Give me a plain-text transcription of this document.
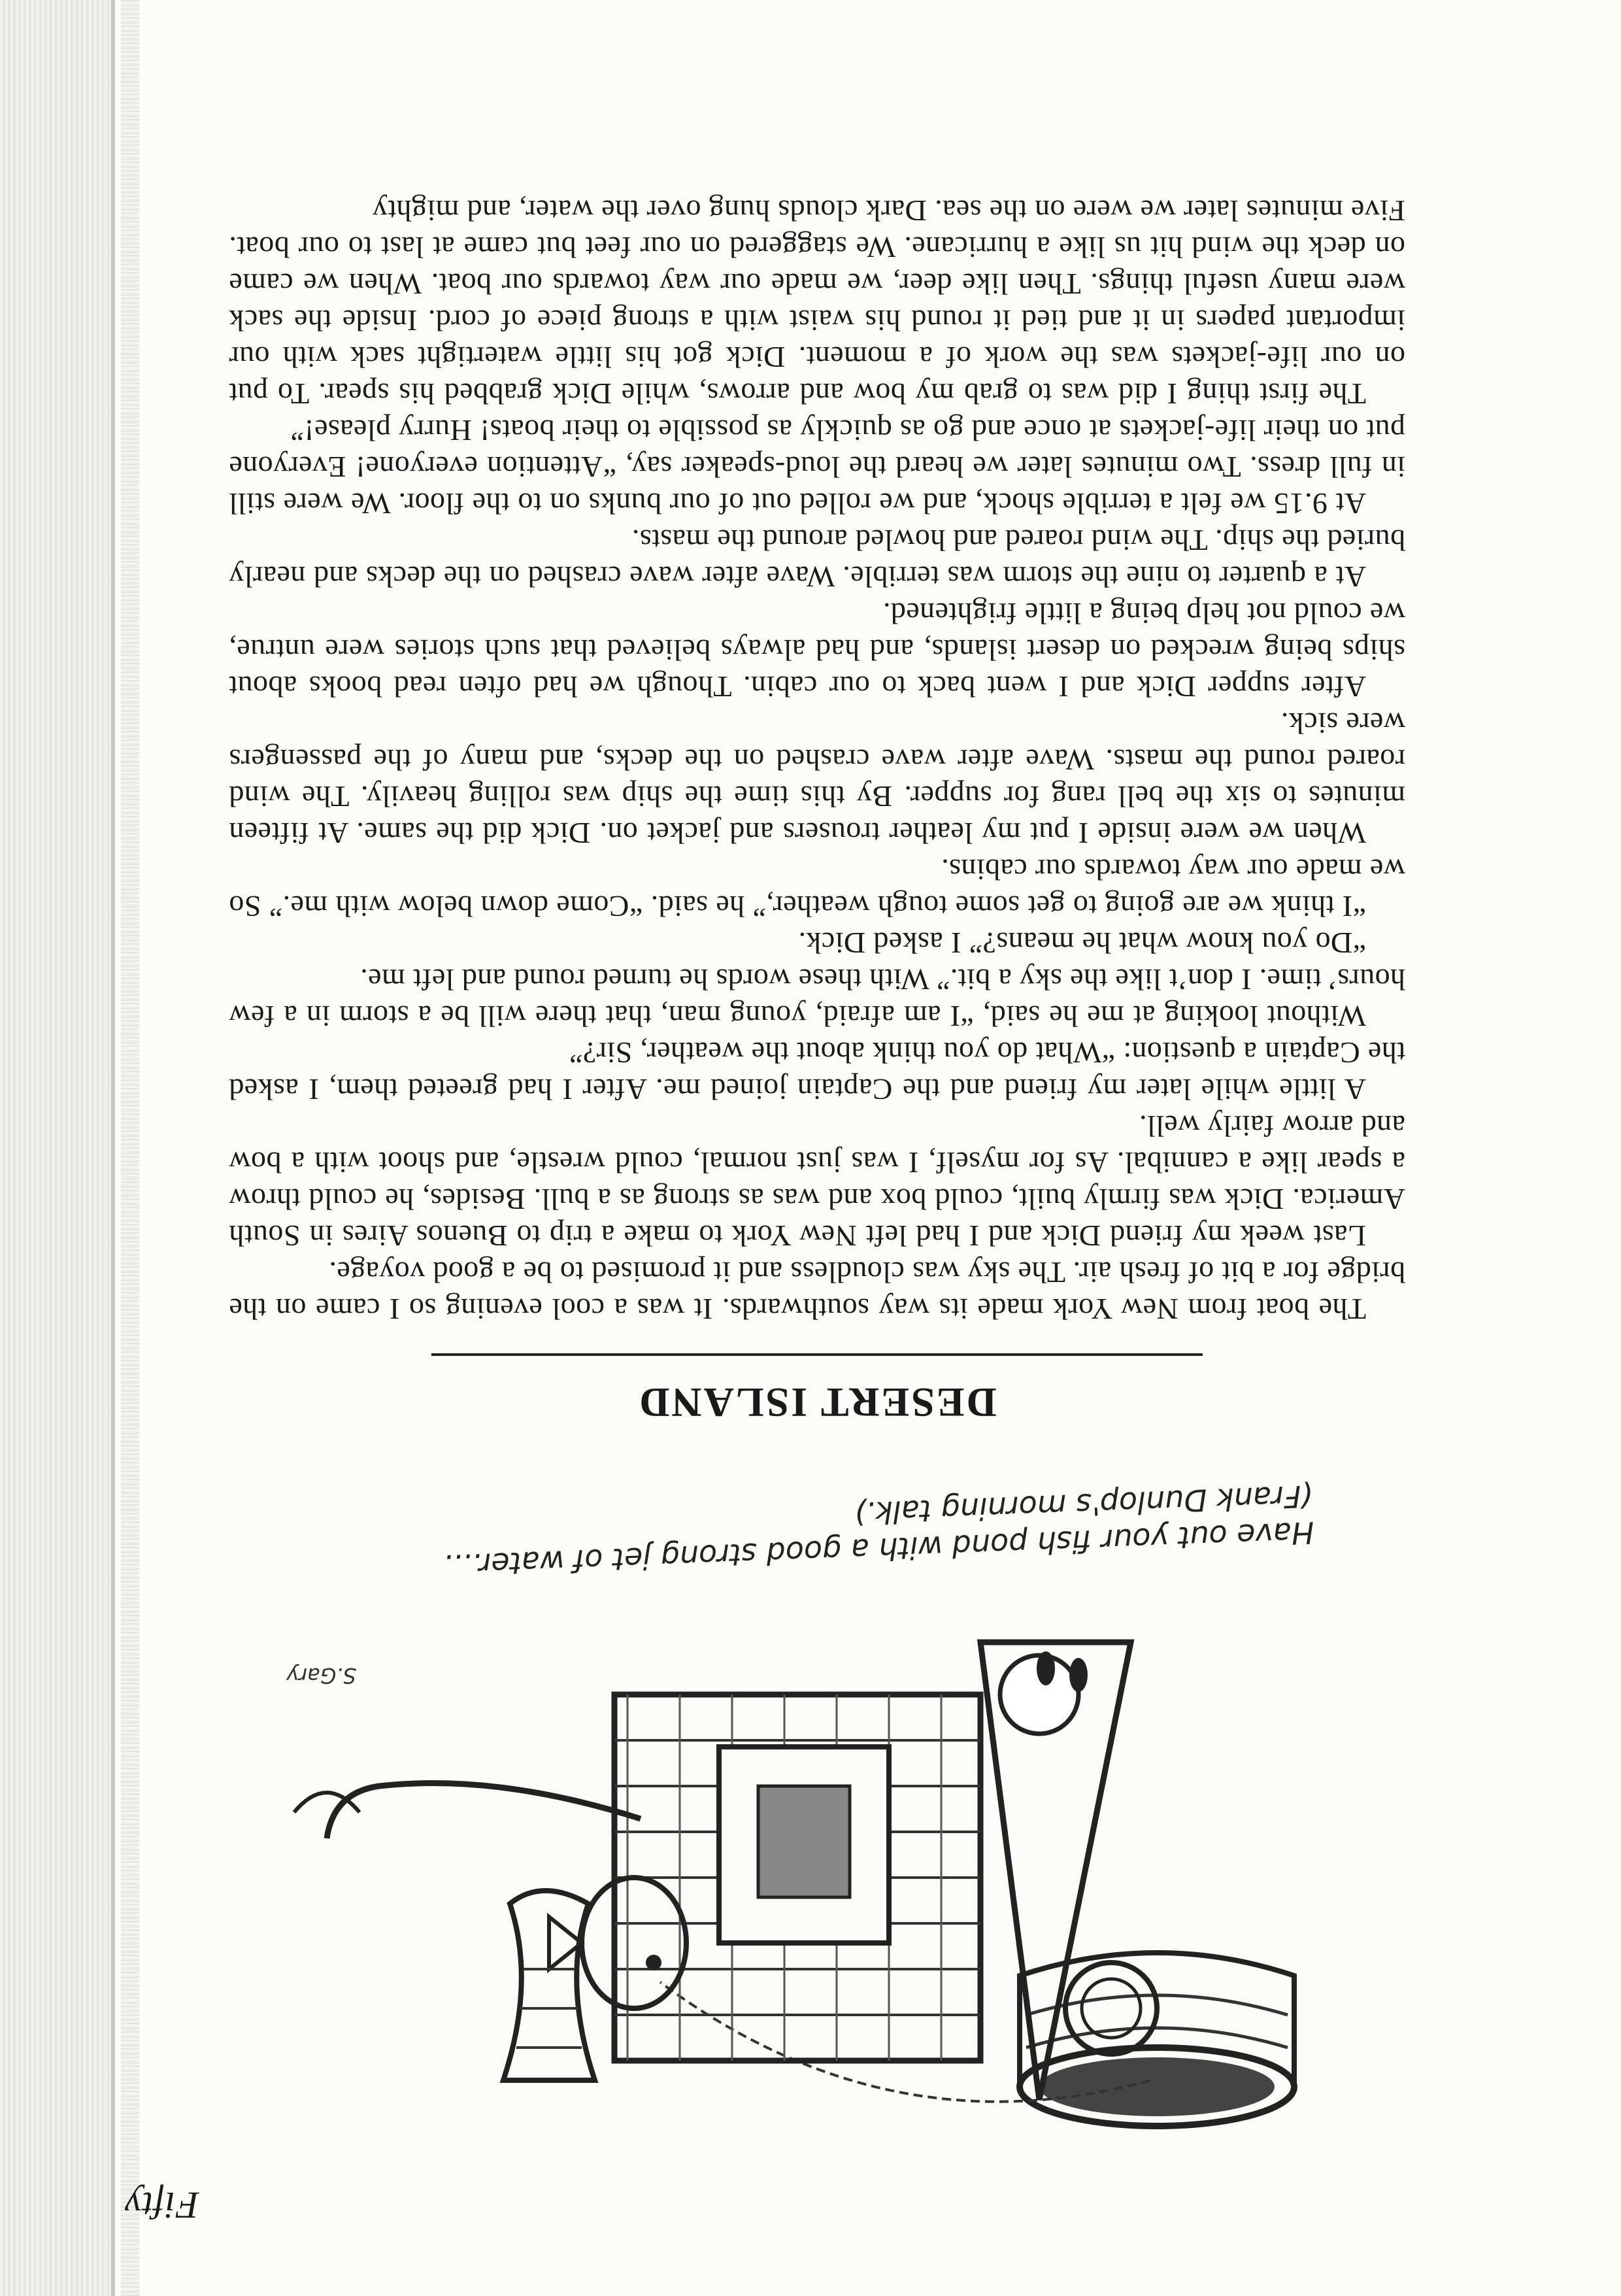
Fifty
S.Gary
Have out your fish pond with a good strong jet of water....(Frank Dunlop's morning talk.)
DESERT ISLAND

The boat from New York made its way southwards. It was a cool evening so I came on the bridge for a bit of fresh air. The sky was cloudless and it promised to be a good voyage.

Last week my friend Dick and I had left New York to make a trip to Buenos Aires in South America. Dick was firmly built, could box and was as strong as a bull. Besides, he could throw a spear like a cannibal. As for myself, I was just normal, could wrestle, and shoot with a bow and arrow fairly well.

A little while later my friend and the Captain joined me. After I had greeted them, I asked the Captain a question: “What do you think about the weather, Sir?”

Without looking at me he said, “I am afraid, young man, that there will be a storm in a few hours’ time. I don’t like the sky a bit.” With these words he turned round and left me.

“Do you know what he means?” I asked Dick.

“I think we are going to get some tough weather,” he said. “Come down below with me.” So we made our way towards our cabins.

When we were inside I put my leather trousers and jacket on. Dick did the same. At fifteen minutes to six the bell rang for supper. By this time the ship was rolling heavily. The wind roared round the masts. Wave after wave crashed on the decks, and many of the passengers were sick.

After supper Dick and I went back to our cabin. Though we had often read books about ships being wrecked on desert islands, and had always believed that such stories were untrue, we could not help being a little frightened.

At a quarter to nine the storm was terrible. Wave after wave crashed on the decks and nearly buried the ship. The wind roared and howled around the masts.

At 9.15 we felt a terrible shock, and we rolled out of our bunks on to the floor. We were still in full dress. Two minutes later we heard the loud-speaker say, “Attention everyone! Everyone put on their life-jackets at once and go as quickly as possible to their boats! Hurry please!”

The first thing I did was to grab my bow and arrows, while Dick grabbed his spear. To put on our life-jackets was the work of a moment. Dick got his little watertight sack with our important papers in it and tied it round his waist with a strong piece of cord. Inside the sack were many useful things. Then like deer, we made our way towards our boat. When we came on deck the wind hit us like a hurricane. We staggered on our feet but came at last to our boat. Five minutes later we were on the sea. Dark clouds hung over the water, and mighty
